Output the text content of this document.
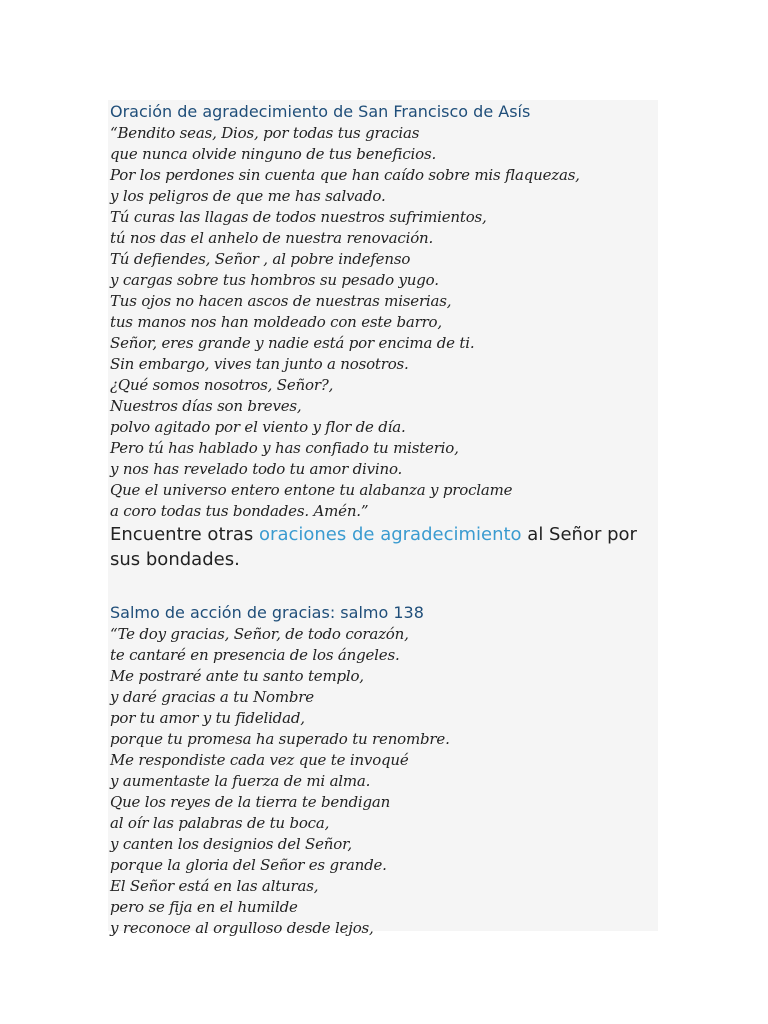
Oración de agradecimiento de San Francisco de Asís
“Bendito seas, Dios, por todas tus gracias
que nunca olvide ninguno de tus beneficios.
Por los perdones sin cuenta que han caído sobre mis flaquezas,
y los peligros de que me has salvado.
Tú curas las llagas de todos nuestros sufrimientos,
tú nos das el anhelo de nuestra renovación.
Tú defiendes, Señor , al pobre indefenso
y cargas sobre tus hombros su pesado yugo.
Tus ojos no hacen ascos de nuestras miserias,
tus manos nos han moldeado con este barro,
Señor, eres grande y nadie está por encima de ti.
Sin embargo, vives tan junto a nosotros.
¿Qué somos nosotros, Señor?,
Nuestros días son breves,
polvo agitado por el viento y flor de día.
Pero tú has hablado y has confiado tu misterio,
y nos has revelado todo tu amor divino.
Que el universo entero entone tu alabanza y proclame
a coro todas tus bondades. Amén.”
Encuentre otras oraciones de agradecimiento al Señor por sus bondades.
Salmo de acción de gracias: salmo 138
“Te doy gracias, Señor, de todo corazón,
te cantaré en presencia de los ángeles.
Me postraré ante tu santo templo,
y daré gracias a tu Nombre
por tu amor y tu fidelidad,
porque tu promesa ha superado tu renombre.
Me respondiste cada vez que te invoqué
y aumentaste la fuerza de mi alma.
Que los reyes de la tierra te bendigan
al oír las palabras de tu boca,
y canten los designios del Señor,
porque la gloria del Señor es grande.
El Señor está en las alturas,
pero se fija en el humilde
y reconoce al orgulloso desde lejos,
